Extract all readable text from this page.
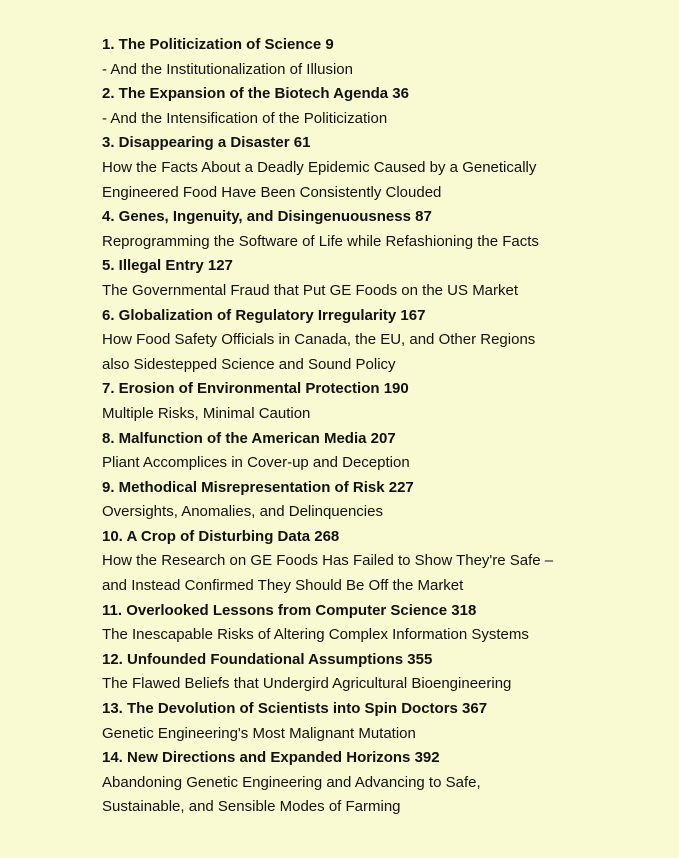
1. The Politicization of Science 9
- And the Institutionalization of Illusion
2. The Expansion of the Biotech Agenda 36
- And the Intensification of the Politicization
3. Disappearing a Disaster 61
How the Facts About a Deadly Epidemic Caused by a Genetically
Engineered Food Have Been Consistently Clouded
4. Genes, Ingenuity, and Disingenuousness 87
Reprogramming the Software of Life while Refashioning the Facts
5. Illegal Entry 127
The Governmental Fraud that Put GE Foods on the US Market
6. Globalization of Regulatory Irregularity 167
How Food Safety Officials in Canada, the EU, and Other Regions
also Sidestepped Science and Sound Policy
7. Erosion of Environmental Protection 190
Multiple Risks, Minimal Caution
8. Malfunction of the American Media 207
Pliant Accomplices in Cover-up and Deception
9. Methodical Misrepresentation of Risk 227
Oversights, Anomalies, and Delinquencies
10. A Crop of Disturbing Data 268
How the Research on GE Foods Has Failed to Show They're Safe –
and Instead Confirmed They Should Be Off the Market
11. Overlooked Lessons from Computer Science 318
The Inescapable Risks of Altering Complex Information Systems
12. Unfounded Foundational Assumptions 355
The Flawed Beliefs that Undergird Agricultural Bioengineering
13. The Devolution of Scientists into Spin Doctors 367
Genetic Engineering's Most Malignant Mutation
14. New Directions and Expanded Horizons 392
Abandoning Genetic Engineering and Advancing to Safe,
Sustainable, and Sensible Modes of Farming
